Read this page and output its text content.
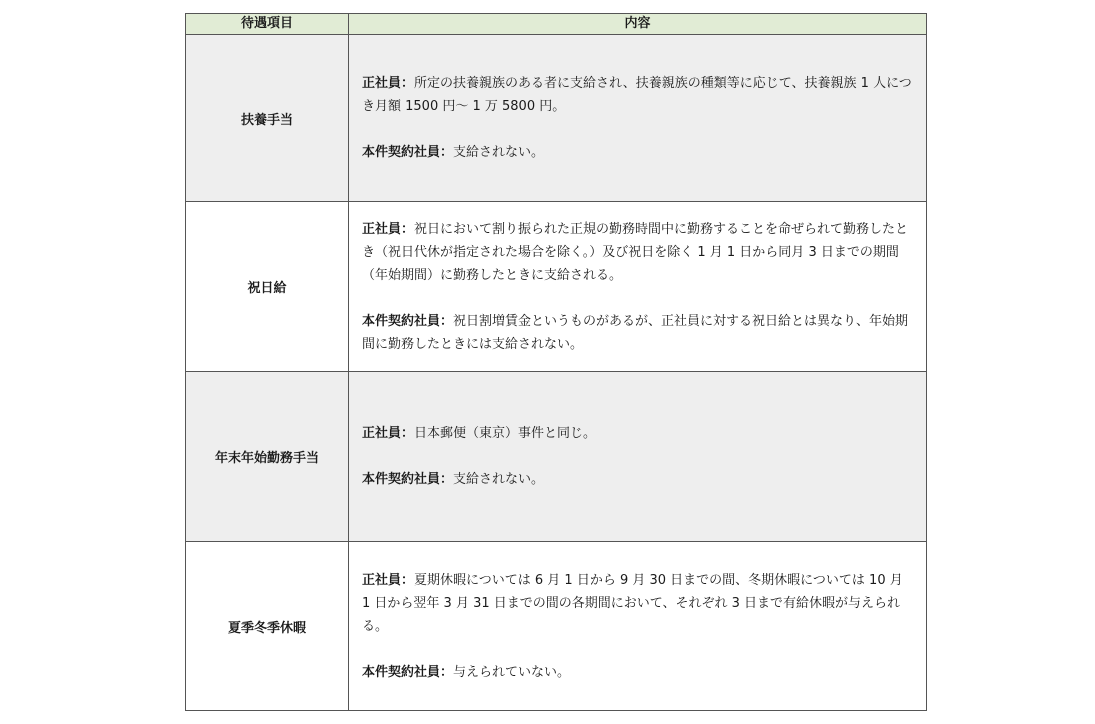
待遇項目	内容
扶養手当	正社員：所定の扶養親族のある者に支給され、扶養親族の種類等に応じて、扶養親族 1 人につき月額 1500 円〜 1 万 5800 円。

本件契約社員：支給されない。

祝日給	正社員：祝日において割り振られた正規の勤務時間中に勤務することを命ぜられて勤務したとき（祝日代休が指定された場合を除く。）及び祝日を除く 1 月 1 日から同月 3 日までの期間（年始期間）に勤務したときに支給される。

本件契約社員：祝日割増賃金というものがあるが、正社員に対する祝日給とは異なり、年始期間に勤務したときには支給されない。

年末年始勤務手当	正社員：日本郵便（東京）事件と同じ。

本件契約社員：支給されない。

夏季冬季休暇	正社員：夏期休暇については 6 月 1 日から 9 月 30 日までの間、冬期休暇については 10 月 1 日から翌年 3 月 31 日までの間の各期間において、それぞれ 3 日まで有給休暇が与えられる。

本件契約社員：与えられていない。
